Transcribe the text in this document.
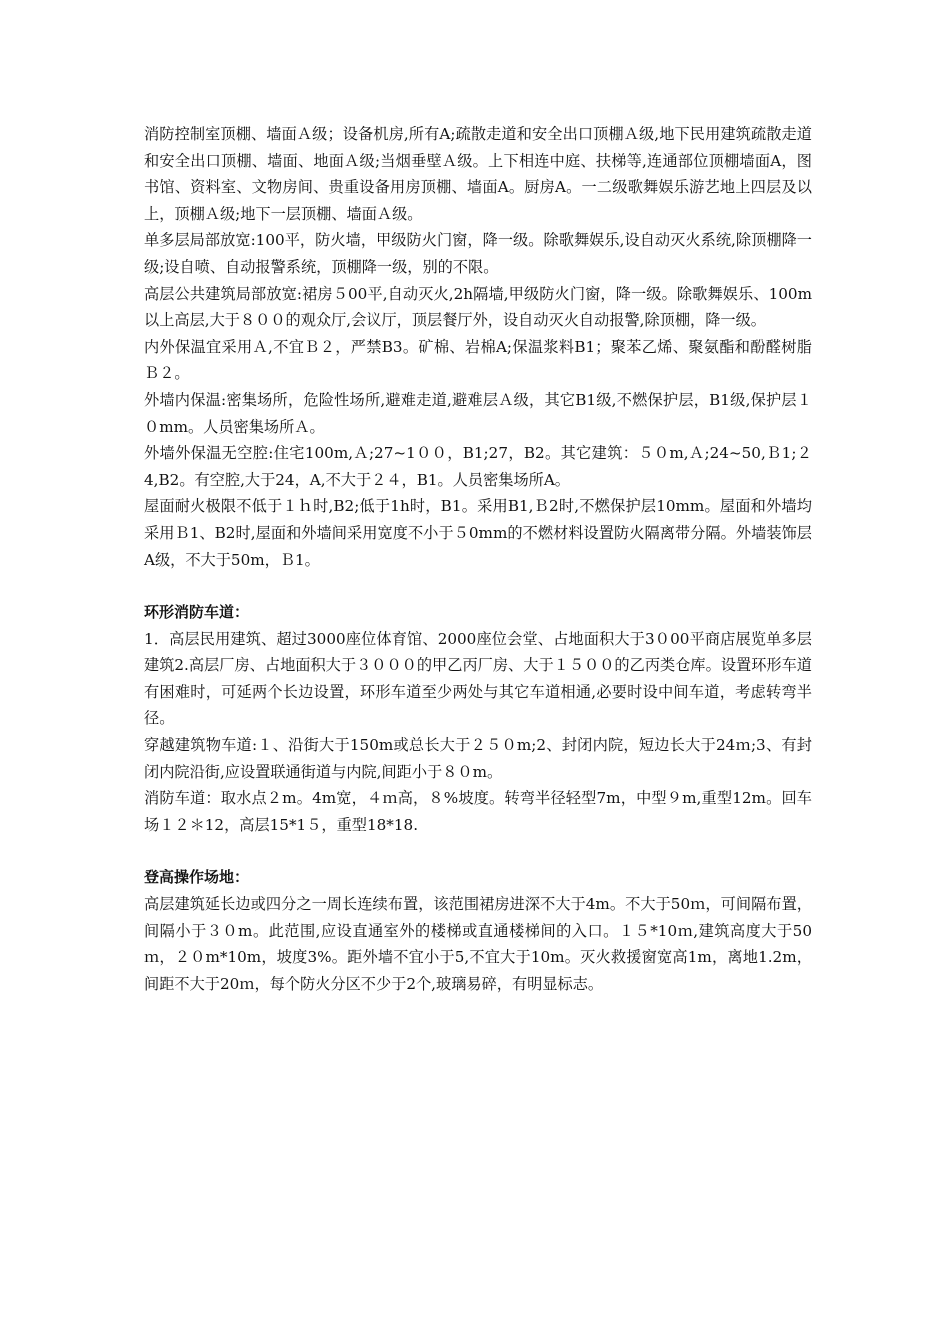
消防控制室顶棚、墙面Ａ级；设备机房,所有A;疏散走道和安全出口顶棚Ａ级,地下民用建筑疏散走道和安全出口顶棚、墙面、地面Ａ级;当烟垂壁Ａ级。上下相连中庭、扶梯等,连通部位顶棚墙面A，图书馆、资料室、文物房间、贵重设备用房顶棚、墙面A。厨房A。一二级歌舞娱乐游艺地上四层及以上，顶棚Ａ级;地下一层顶棚、墙面Ａ级。

单多层局部放宽:100平，防火墙，甲级防火门窗，降一级。除歌舞娱乐,设自动灭火系统,除顶棚降一级;设自喷、自动报警系统，顶棚降一级，别的不限。

高层公共建筑局部放宽:裙房５00平,自动灭火,2h隔墙,甲级防火门窗，降一级。除歌舞娱乐、100m以上高层,大于８００的观众厅,会议厅，顶层餐厅外，设自动灭火自动报警,除顶棚，降一级。

内外保温宜采用Ａ,不宜Ｂ２，严禁B3。矿棉、岩棉A;保温浆料B1；聚苯乙烯、聚氨酯和酚醛树脂Ｂ２。

外墙内保温:密集场所，危险性场所,避难走道,避难层Ａ级，其它B1级,不燃保护层，B1级,保护层１０mm。人员密集场所Ａ。

外墙外保温无空腔:住宅100m,Ａ;27~1００，B1;27，B2。其它建筑：５０m,Ａ;24~50,Ｂ1;２4,B2。有空腔,大于24，A,不大于２４，B1。人员密集场所A。

屋面耐火极限不低于１ｈ时,B2;低于1h时，B1。采用B1,Ｂ2时,不燃保护层10mm。屋面和外墙均采用Ｂ1、B2时,屋面和外墙间采用宽度不小于５0mm的不燃材料设置防火隔离带分隔。外墙装饰层A级，不大于50m，Ｂ1。

环形消防车道：

1．高层民用建筑、超过3000座位体育馆、2000座位会堂、占地面积大于3０00平商店展览单多层建筑2.高层厂房、占地面积大于３０００的甲乙丙厂房、大于１５００的乙丙类仓库。设置环形车道有困难时，可延两个长边设置，环形车道至少两处与其它车道相通,必要时设中间车道，考虑转弯半径。

穿越建筑物车道:１、沿街大于150m或总长大于２５０m;2、封闭内院，短边长大于24ｍ;3、有封闭内院沿街,应设置联通街道与内院,间距小于８０m。

消防车道：取水点２m。4m宽，４ｍ高，８%坡度。转弯半径轻型7m，中型９m,重型12m。回车场１２＊12，高层15*1５，重型18*18.

登高操作场地：

高层建筑延长边或四分之一周长连续布置，该范围裙房进深不大于4m。不大于50ｍ，可间隔布置，间隔小于３０m。此范围,应设直通室外的楼梯或直通楼梯间的入口。１５*10ｍ,建筑高度大于50ｍ，２０m*10m，坡度3%。距外墙不宜小于5,不宜大于10m。灭火救援窗宽高1m，离地1.2m，间距不大于20ｍ，每个防火分区不少于2个,玻璃易碎，有明显标志。
